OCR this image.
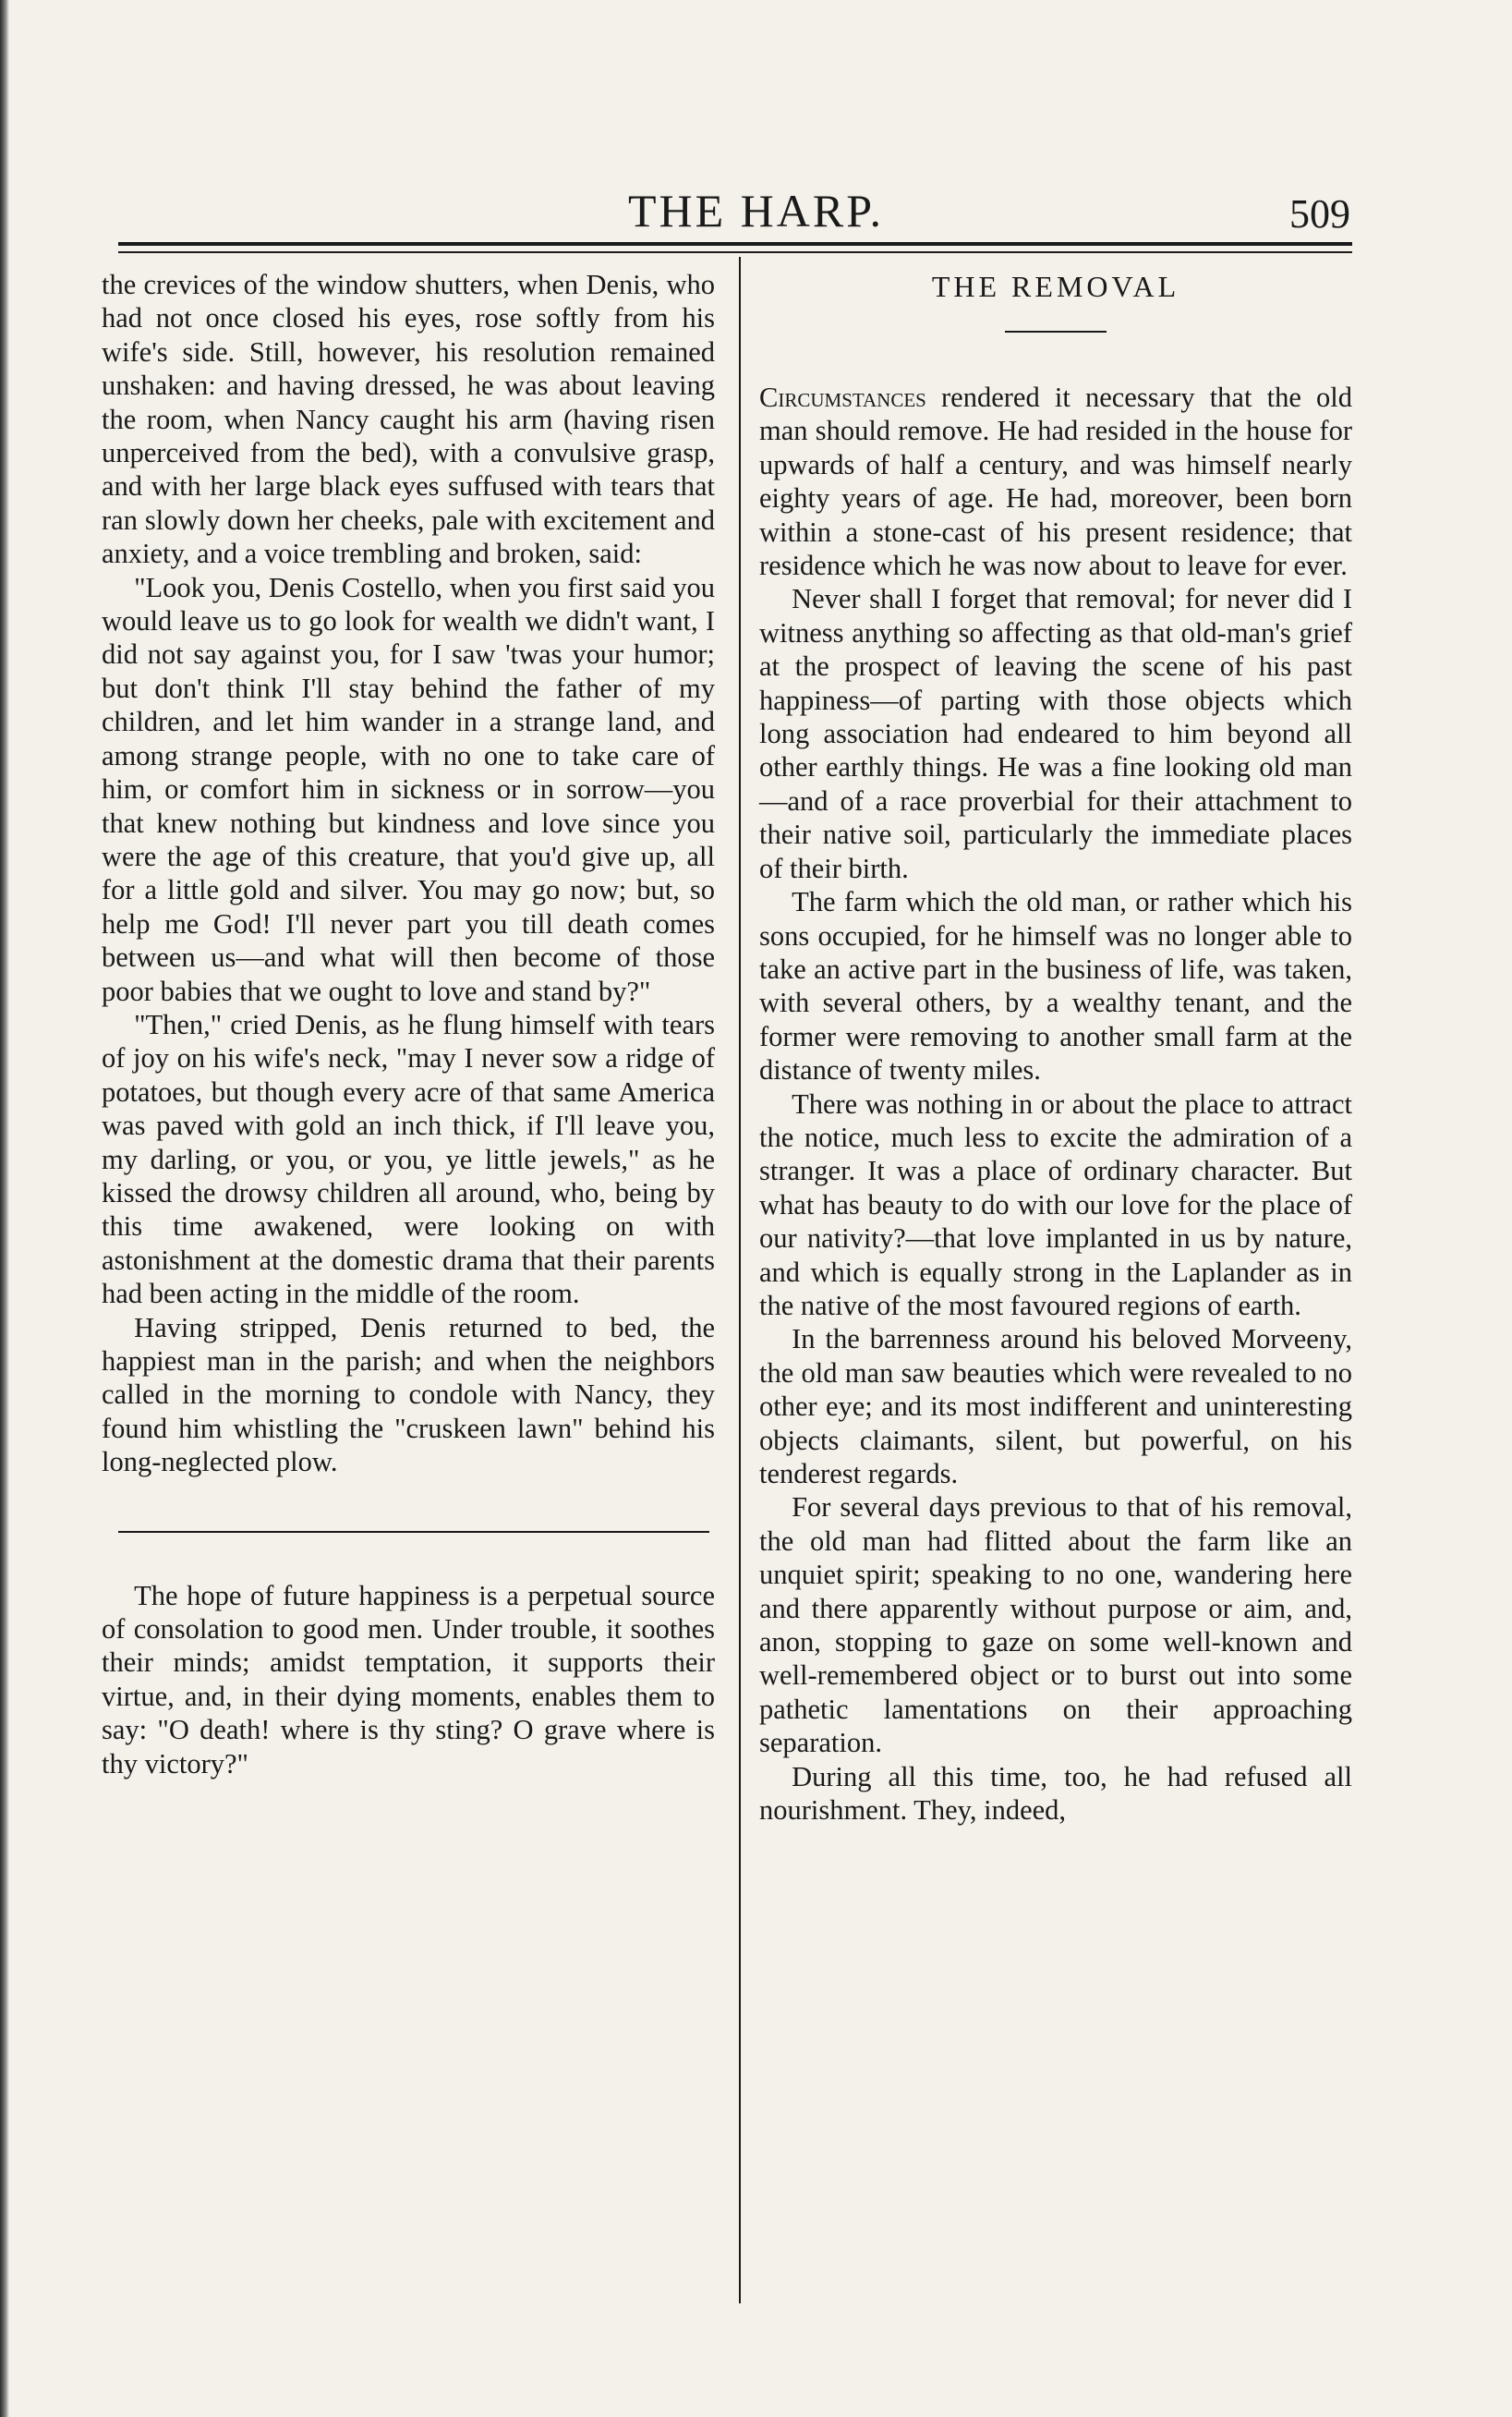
THE HARP.	509

the crevices of the window shutters, when Denis, who had not once closed his eyes, rose softly from his wife's side. Still, however, his resolution remained unshaken: and having dressed, he was about leaving the room, when Nancy caught his arm (having risen unperceived from the bed), with a convulsive grasp, and with her large black eyes suffused with tears that ran slowly down her cheeks, pale with excitement and anxiety, and a voice trembling and broken, said:

"Look you, Denis Costello, when you first said you would leave us to go look for wealth we didn't want, I did not say against you, for I saw 'twas your humor; but don't think I'll stay behind the father of my children, and let him wander in a strange land, and among strange people, with no one to take care of him, or comfort him in sickness or in sorrow—you that knew nothing but kindness and love since you were the age of this creature, that you'd give up, all for a little gold and silver. You may go now; but, so help me God! I'll never part you till death comes between us—and what will then become of those poor babies that we ought to love and stand by?"

"Then," cried Denis, as he flung himself with tears of joy on his wife's neck, "may I never sow a ridge of potatoes, but though every acre of that same America was paved with gold an inch thick, if I'll leave you, my darling, or you, or you, ye little jewels," as he kissed the drowsy children all around, who, being by this time awakened, were looking on with astonishment at the domestic drama that their parents had been acting in the middle of the room.

Having stripped, Denis returned to bed, the happiest man in the parish; and when the neighbors called in the morning to condole with Nancy, they found him whistling the "cruskeen lawn" behind his long-neglected plow.

The hope of future happiness is a perpetual source of consolation to good men. Under trouble, it soothes their minds; amidst temptation, it supports their virtue, and, in their dying moments, enables them to say: "O death! where is thy sting? O grave where is thy victory?"

THE REMOVAL

Circumstances rendered it necessary that the old man should remove. He had resided in the house for upwards of half a century, and was himself nearly eighty years of age. He had, moreover, been born within a stone-cast of his present residence; that residence which he was now about to leave for ever.

Never shall I forget that removal; for never did I witness anything so affecting as that old-man's grief at the prospect of leaving the scene of his past happiness—of parting with those objects which long association had endeared to him beyond all other earthly things. He was a fine looking old man—and of a race proverbial for their attachment to their native soil, particularly the immediate places of their birth.

The farm which the old man, or rather which his sons occupied, for he himself was no longer able to take an active part in the business of life, was taken, with several others, by a wealthy tenant, and the former were removing to another small farm at the distance of twenty miles.

There was nothing in or about the place to attract the notice, much less to excite the admiration of a stranger. It was a place of ordinary character. But what has beauty to do with our love for the place of our nativity?—that love implanted in us by nature, and which is equally strong in the Laplander as in the native of the most favoured regions of earth.

In the barrenness around his beloved Morveeny, the old man saw beauties which were revealed to no other eye; and its most indifferent and uninteresting objects claimants, silent, but powerful, on his tenderest regards.

For several days previous to that of his removal, the old man had flitted about the farm like an unquiet spirit; speaking to no one, wandering here and there apparently without purpose or aim, and, anon, stopping to gaze on some well-known and well-remembered object or to burst out into some pathetic lamentations on their approaching separation.

During all this time, too, he had refused all nourishment. They, indeed,
